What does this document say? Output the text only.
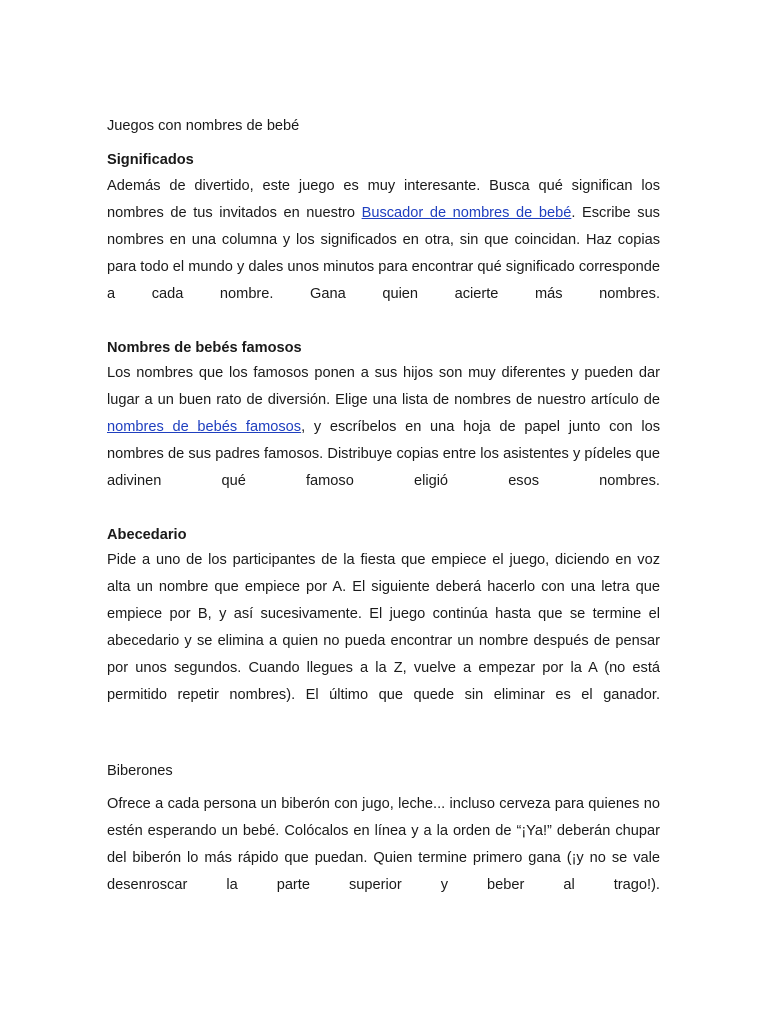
Juegos con nombres de bebé
Significados

Además de divertido, este juego es muy interesante. Busca qué significan los nombres de tus invitados en nuestro Buscador de nombres de bebé. Escribe sus nombres en una columna y los significados en otra, sin que coincidan. Haz copias para todo el mundo y dales unos minutos para encontrar qué significado corresponde a cada nombre. Gana quien acierte más nombres.

Nombres de bebés famosos

Los nombres que los famosos ponen a sus hijos son muy diferentes y pueden dar lugar a un buen rato de diversión. Elige una lista de nombres de nuestro artículo de nombres de bebés famosos, y escríbelos en una hoja de papel junto con los nombres de sus padres famosos. Distribuye copias entre los asistentes y pídeles que adivinen qué famoso eligió esos nombres.

Abecedario

Pide a uno de los participantes de la fiesta que empiece el juego, diciendo en voz alta un nombre que empiece por A. El siguiente deberá hacerlo con una letra que empiece por B, y así sucesivamente. El juego continúa hasta que se termine el abecedario y se elimina a quien no pueda encontrar un nombre después de pensar por unos segundos. Cuando llegues a la Z, vuelve a empezar por la A (no está permitido repetir nombres). El último que quede sin eliminar es el ganador.

Biberones

Ofrece a cada persona un biberón con jugo, leche... incluso cerveza para quienes no estén esperando un bebé. Colócalos en línea y a la orden de “¡Ya!” deberán chupar del biberón lo más rápido que puedan. Quien termine primero gana (¡y no se vale desenroscar la parte superior y beber al trago!).
